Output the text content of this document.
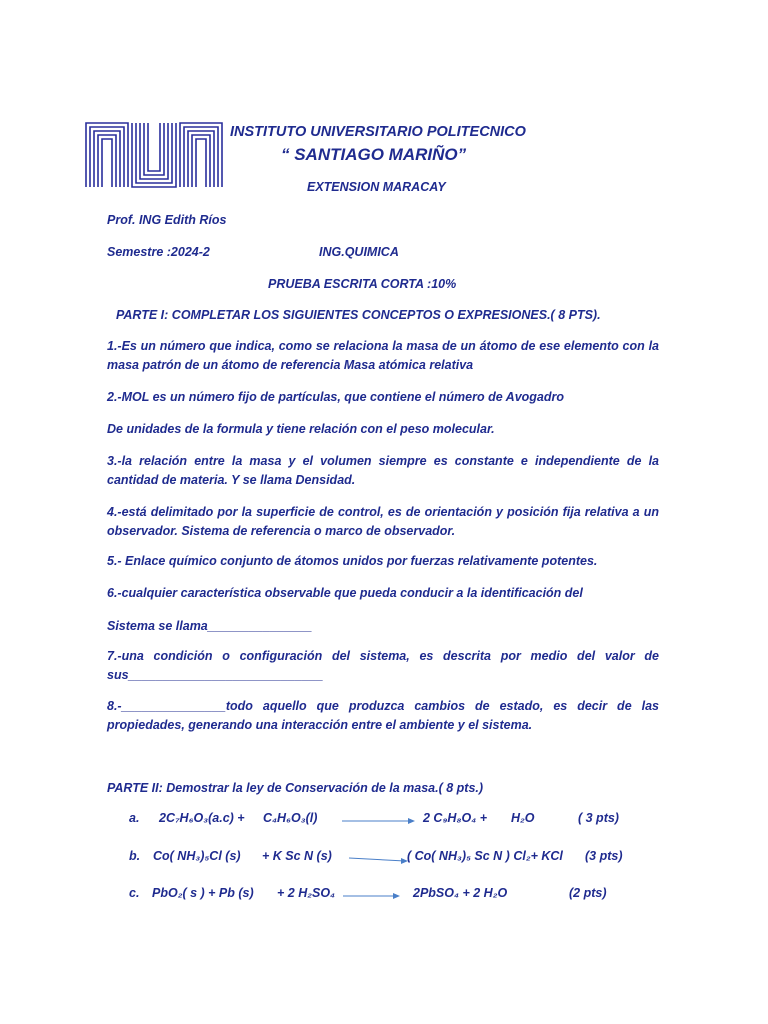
INSTITUTO UNIVERSITARIO POLITECNICO
“ SANTIAGO MARIÑO”
EXTENSION MARACAY
Prof. ING Edith Ríos
Semestre :2024-2	ING.QUIMICA
PRUEBA ESCRITA CORTA :10%
PARTE I: COMPLETAR LOS SIGUIENTES CONCEPTOS O EXPRESIONES.( 8 PTS).
1.-Es un número que indica, como se relaciona la masa de un átomo de ese elemento con la masa patrón de un átomo de referencia Masa atómica relativa
2.-MOL es un número fijo de partículas, que contiene el número de Avogadro
De unidades de la formula y tiene relación con el peso molecular.
3.-la relación entre la masa y el volumen siempre es constante e independiente de la cantidad de materia. Y se llama Densidad.
4.-está delimitado por la superficie de control, es de orientación y posición fija relativa a un observador. Sistema de referencia o marco de observador.
5.- Enlace químico conjunto de átomos unidos por fuerzas relativamente potentes.
6.-cualquier característica observable que pueda conducir a la identificación del
Sistema se llama_______________
7.-una condición o configuración del sistema, es descrita por medio del valor de sus____________________________
8.-_______________todo aquello que produzca cambios de estado, es decir de las propiedades, generando una interacción entre el ambiente y el sistema.
PARTE II: Demostrar la ley de Conservación de la masa.( 8 pts.)
a. 2C₇H₆O₃(a.c) + C₄H₆O₃(l)	2 C₉H₈O₄ + H₂O	( 3 pts)
b. Co( NH₃)₅Cl (s) + K Sc N (s)	( Co( NH₃)₅ Sc N ) Cl₂+ KCl (3 pts)
c. PbO₂( s ) + Pb (s) + 2 H₂SO₄ → 2PbSO₄ + 2 H₂O	(2 pts)
